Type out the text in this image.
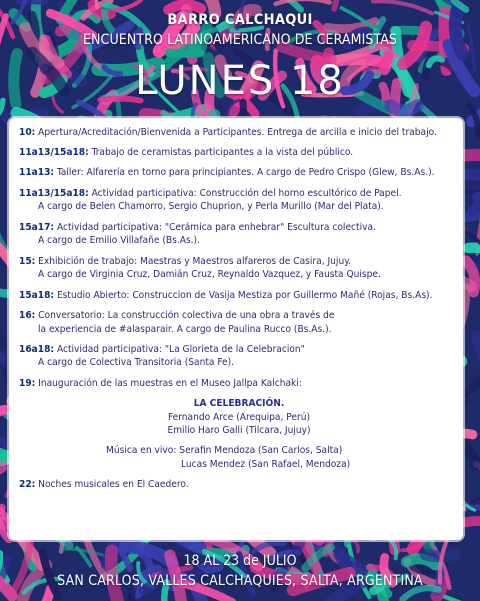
BARRO CALCHAQUI
ENCUENTRO LATINOAMERICANO DE CERAMISTAS
LUNES 18
10: Apertura/Acreditación/Bienvenida a Participantes. Entrega de arcilla e inicio del trabajo.
11a13/15a18: Trabajo de ceramistas participantes a la vista del público.
11a13: Taller: Alfarería en torno para principiantes. A cargo de Pedro Crispo (Glew, Bs.As.).
11a13/15a18: Actividad participativa: Construcción del horno escultórico de Papel.
A cargo de Belen Chamorro, Sergio Chuprion, y Perla Murillo (Mar del Plata).
15a17: Actividad participativa: "Cerámica para enhebrar" Escultura colectiva.
A cargo de Emilio Villafañe (Bs.As.).
15: Exhibición de trabajo: Maestras y Maestros alfareros de Casira, Jujuy.
A cargo de Virginia Cruz, Damián Cruz, Reynaldo Vazquez, y Fausta Quispe.
15a18: Estudio Abierto: Construccion de Vasija Mestiza por Guillermo Mañé (Rojas, Bs.As).
16: Conversatorio: La construcción colectiva de una obra a través de
la experiencia de #alasparair. A cargo de Paulina Rucco (Bs.As.).
16a18: Actividad participativa: "La Glorieta de la Celebracion"
A cargo de Colectiva Transitoria (Santa Fe).
19: Inauguración de las muestras en el Museo Jallpa Kalchaki:
LA CELEBRACIÓN.
Fernando Arce (Arequipa, Perú)
Emilio Haro Galli (Tilcara, Jujuy)
Música en vivo: Serafin Mendoza (San Carlos, Salta)
Lucas Mendez (San Rafael, Mendoza)
22: Noches musicales en El Caedero.
18 AL 23 de JULIO
SAN CARLOS, VALLES CALCHAQUIES, SALTA, ARGENTINA
